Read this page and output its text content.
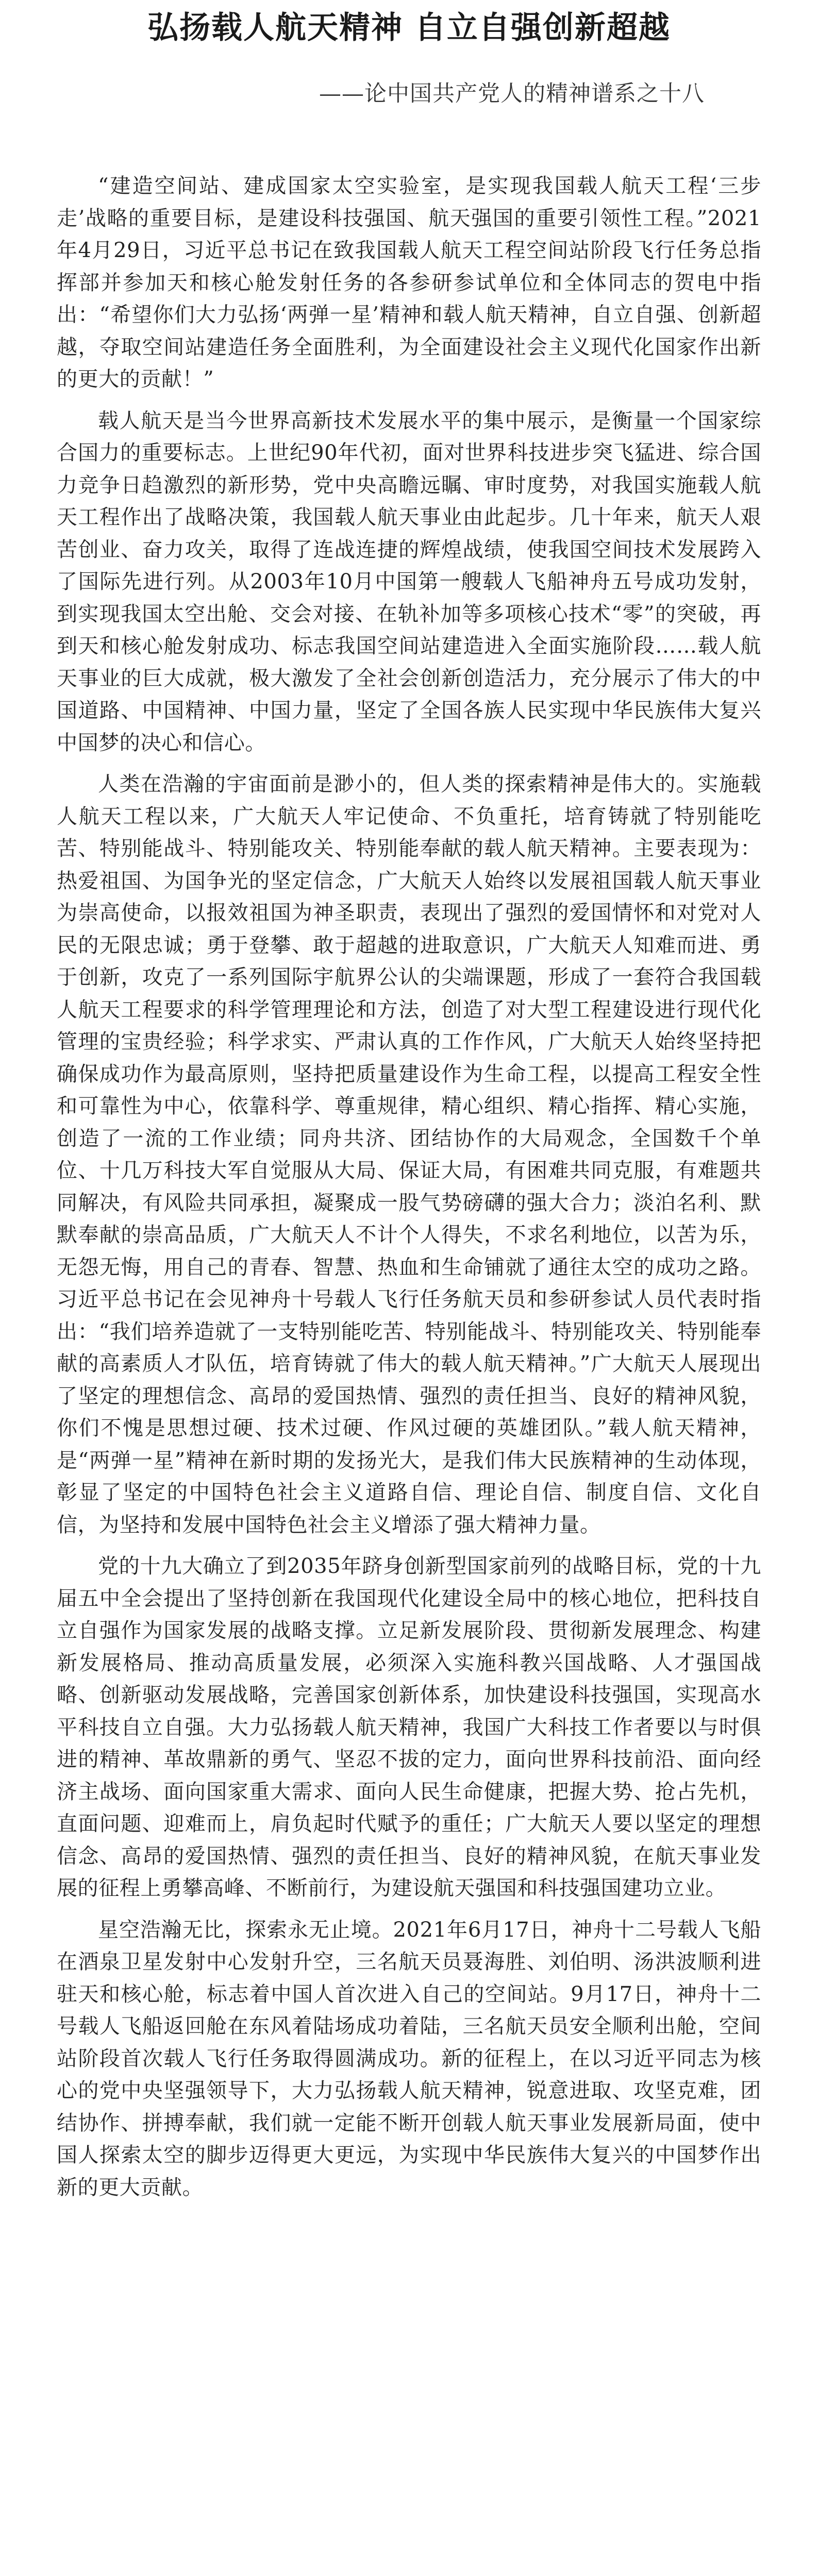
弘扬载人航天精神 自立自强创新超越
——论中国共产党人的精神谱系之十八

“建造空间站、建成国家太空实验室，是实现我国载人航天工程‘三步走’战略的重要目标，是建设科技强国、航天强国的重要引领性工程。”2021年4月29日，习近平总书记在致我国载人航天工程空间站阶段飞行任务总指挥部并参加天和核心舱发射任务的各参研参试单位和全体同志的贺电中指出：“希望你们大力弘扬‘两弹一星’精神和载人航天精神，自立自强、创新超越，夺取空间站建造任务全面胜利，为全面建设社会主义现代化国家作出新的更大的贡献！”

载人航天是当今世界高新技术发展水平的集中展示，是衡量一个国家综合国力的重要标志。上世纪90年代初，面对世界科技进步突飞猛进、综合国力竞争日趋激烈的新形势，党中央高瞻远瞩、审时度势，对我国实施载人航天工程作出了战略决策，我国载人航天事业由此起步。几十年来，航天人艰苦创业、奋力攻关，取得了连战连捷的辉煌战绩，使我国空间技术发展跨入了国际先进行列。从2003年10月中国第一艘载人飞船神舟五号成功发射，到实现我国太空出舱、交会对接、在轨补加等多项核心技术“零”的突破，再到天和核心舱发射成功、标志我国空间站建造进入全面实施阶段……载人航天事业的巨大成就，极大激发了全社会创新创造活力，充分展示了伟大的中国道路、中国精神、中国力量，坚定了全国各族人民实现中华民族伟大复兴中国梦的决心和信心。

人类在浩瀚的宇宙面前是渺小的，但人类的探索精神是伟大的。实施载人航天工程以来，广大航天人牢记使命、不负重托，培育铸就了特别能吃苦、特别能战斗、特别能攻关、特别能奉献的载人航天精神。主要表现为：热爱祖国、为国争光的坚定信念，广大航天人始终以发展祖国载人航天事业为崇高使命，以报效祖国为神圣职责，表现出了强烈的爱国情怀和对党对人民的无限忠诚；勇于登攀、敢于超越的进取意识，广大航天人知难而进、勇于创新，攻克了一系列国际宇航界公认的尖端课题，形成了一套符合我国载人航天工程要求的科学管理理论和方法，创造了对大型工程建设进行现代化管理的宝贵经验；科学求实、严肃认真的工作作风，广大航天人始终坚持把确保成功作为最高原则，坚持把质量建设作为生命工程，以提高工程安全性和可靠性为中心，依靠科学、尊重规律，精心组织、精心指挥、精心实施，创造了一流的工作业绩；同舟共济、团结协作的大局观念，全国数千个单位、十几万科技大军自觉服从大局、保证大局，有困难共同克服，有难题共同解决，有风险共同承担，凝聚成一股气势磅礴的强大合力；淡泊名利、默默奉献的崇高品质，广大航天人不计个人得失，不求名利地位，以苦为乐，无怨无悔，用自己的青春、智慧、热血和生命铺就了通往太空的成功之路。习近平总书记在会见神舟十号载人飞行任务航天员和参研参试人员代表时指出：“我们培养造就了一支特别能吃苦、特别能战斗、特别能攻关、特别能奉献的高素质人才队伍，培育铸就了伟大的载人航天精神。”广大航天人展现出了坚定的理想信念、高昂的爱国热情、强烈的责任担当、良好的精神风貌，你们不愧是思想过硬、技术过硬、作风过硬的英雄团队。”载人航天精神，是“两弹一星”精神在新时期的发扬光大，是我们伟大民族精神的生动体现，彰显了坚定的中国特色社会主义道路自信、理论自信、制度自信、文化自信，为坚持和发展中国特色社会主义增添了强大精神力量。

党的十九大确立了到2035年跻身创新型国家前列的战略目标，党的十九届五中全会提出了坚持创新在我国现代化建设全局中的核心地位，把科技自立自强作为国家发展的战略支撑。立足新发展阶段、贯彻新发展理念、构建新发展格局、推动高质量发展，必须深入实施科教兴国战略、人才强国战略、创新驱动发展战略，完善国家创新体系，加快建设科技强国，实现高水平科技自立自强。大力弘扬载人航天精神，我国广大科技工作者要以与时俱进的精神、革故鼎新的勇气、坚忍不拔的定力，面向世界科技前沿、面向经济主战场、面向国家重大需求、面向人民生命健康，把握大势、抢占先机，直面问题、迎难而上，肩负起时代赋予的重任；广大航天人要以坚定的理想信念、高昂的爱国热情、强烈的责任担当、良好的精神风貌，在航天事业发展的征程上勇攀高峰、不断前行，为建设航天强国和科技强国建功立业。

星空浩瀚无比，探索永无止境。2021年6月17日，神舟十二号载人飞船在酒泉卫星发射中心发射升空，三名航天员聂海胜、刘伯明、汤洪波顺利进驻天和核心舱，标志着中国人首次进入自己的空间站。9月17日，神舟十二号载人飞船返回舱在东风着陆场成功着陆，三名航天员安全顺利出舱，空间站阶段首次载人飞行任务取得圆满成功。新的征程上，在以习近平同志为核心的党中央坚强领导下，大力弘扬载人航天精神，锐意进取、攻坚克难，团结协作、拼搏奉献，我们就一定能不断开创载人航天事业发展新局面，使中国人探索太空的脚步迈得更大更远，为实现中华民族伟大复兴的中国梦作出新的更大贡献。
